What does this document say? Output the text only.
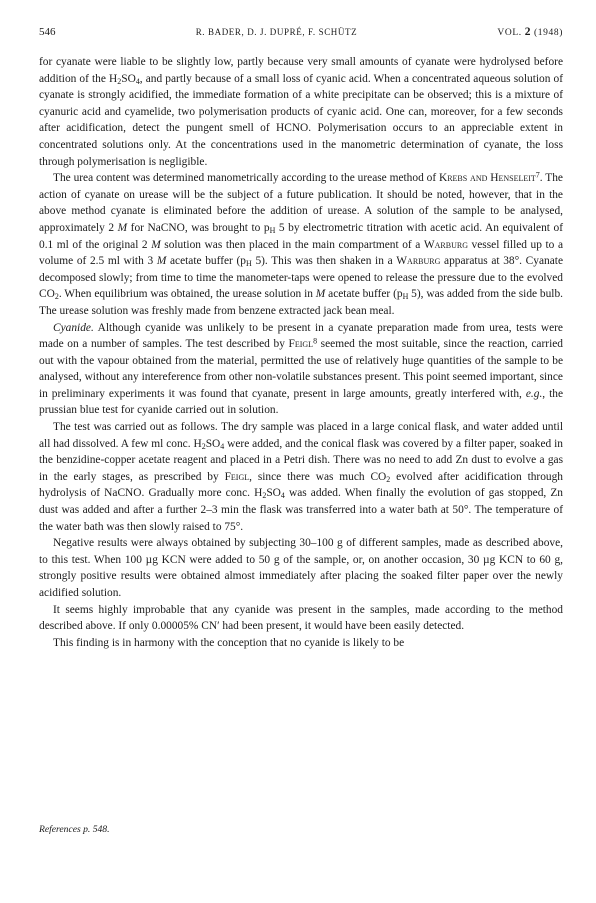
546	R. BADER, D. J. DUPRÉ, F. SCHÜTZ	VOL. 2 (1948)

for cyanate were liable to be slightly low, partly because very small amounts of cyanate were hydrolysed before addition of the $H_2SO_4$, and partly because of a small loss of cyanic acid. When a concentrated aqueous solution of cyanate is strongly acidified, the immediate formation of a white precipitate can be observed; this is a mixture of cyanuric acid and cyamelide, two polymerisation products of cyanic acid. One can, moreover, for a few seconds after acidification, detect the pungent smell of HCNO. Polymerisation occurs to an appreciable extent in concentrated solutions only. At the concentrations used in the manometric determination of cyanate, the loss through polymerisation is negligible.

The urea content was determined manometrically according to the urease method of Krebs and Henseleit$^7$. The action of cyanate on urease will be the subject of a future publication. It should be noted, however, that in the above method cyanate is eliminated before the addition of urease. A solution of the sample to be analysed, approximately 2 M for NaCNO, was brought to $p_H$ 5 by electrometric titration with acetic acid. An equivalent of 0.1 ml of the original 2 M solution was then placed in the main compartment of a Warburg vessel filled up to a volume of 2.5 ml with 3 M acetate buffer ($p_H$ 5). This was then shaken in a Warburg apparatus at 38°. Cyanate decomposed slowly; from time to time the manometer-taps were opened to release the pressure due to the evolved $CO_2$. When equilibrium was obtained, the urease solution in M acetate buffer ($p_H$ 5), was added from the side bulb. The urease solution was freshly made from benzene extracted jack bean meal.

Cyanide. Although cyanide was unlikely to be present in a cyanate preparation made from urea, tests were made on a number of samples. The test described by Feigl$^8$ seemed the most suitable, since the reaction, carried out with the vapour obtained from the material, permitted the use of relatively huge quantities of the sample to be analysed, without any intereference from other non-volatile substances present. This point seemed important, since in preliminary experiments it was found that cyanate, present in large amounts, greatly interfered with, e.g., the prussian blue test for cyanide carried out in solution.

The test was carried out as follows. The dry sample was placed in a large conical flask, and water added until all had dissolved. A few ml conc. $H_2SO_4$ were added, and the conical flask was covered by a filter paper, soaked in the benzidine-copper acetate reagent and placed in a Petri dish. There was no need to add Zn dust to evolve a gas in the early stages, as prescribed by Feigl, since there was much $CO_2$ evolved after acidification through hydrolysis of NaCNO. Gradually more conc. $H_2SO_4$ was added. When finally the evolution of gas stopped, Zn dust was added and after a further 2–3 min the flask was transferred into a water bath at 50°. The temperature of the water bath was then slowly raised to 75°.

Negative results were always obtained by subjecting 30–100 g of different samples, made as described above, to this test. When 100 µg KCN were added to 50 g of the sample, or, on another occasion, 30 µg KCN to 60 g, strongly positive results were obtained almost immediately after placing the soaked filter paper over the newly acidified solution.

It seems highly improbable that any cyanide was present in the samples, made according to the method described above. If only 0.00005% CN′ had been present, it would have been easily detected.

This finding is in harmony with the conception that no cyanide is likely to be

References p. 548.
